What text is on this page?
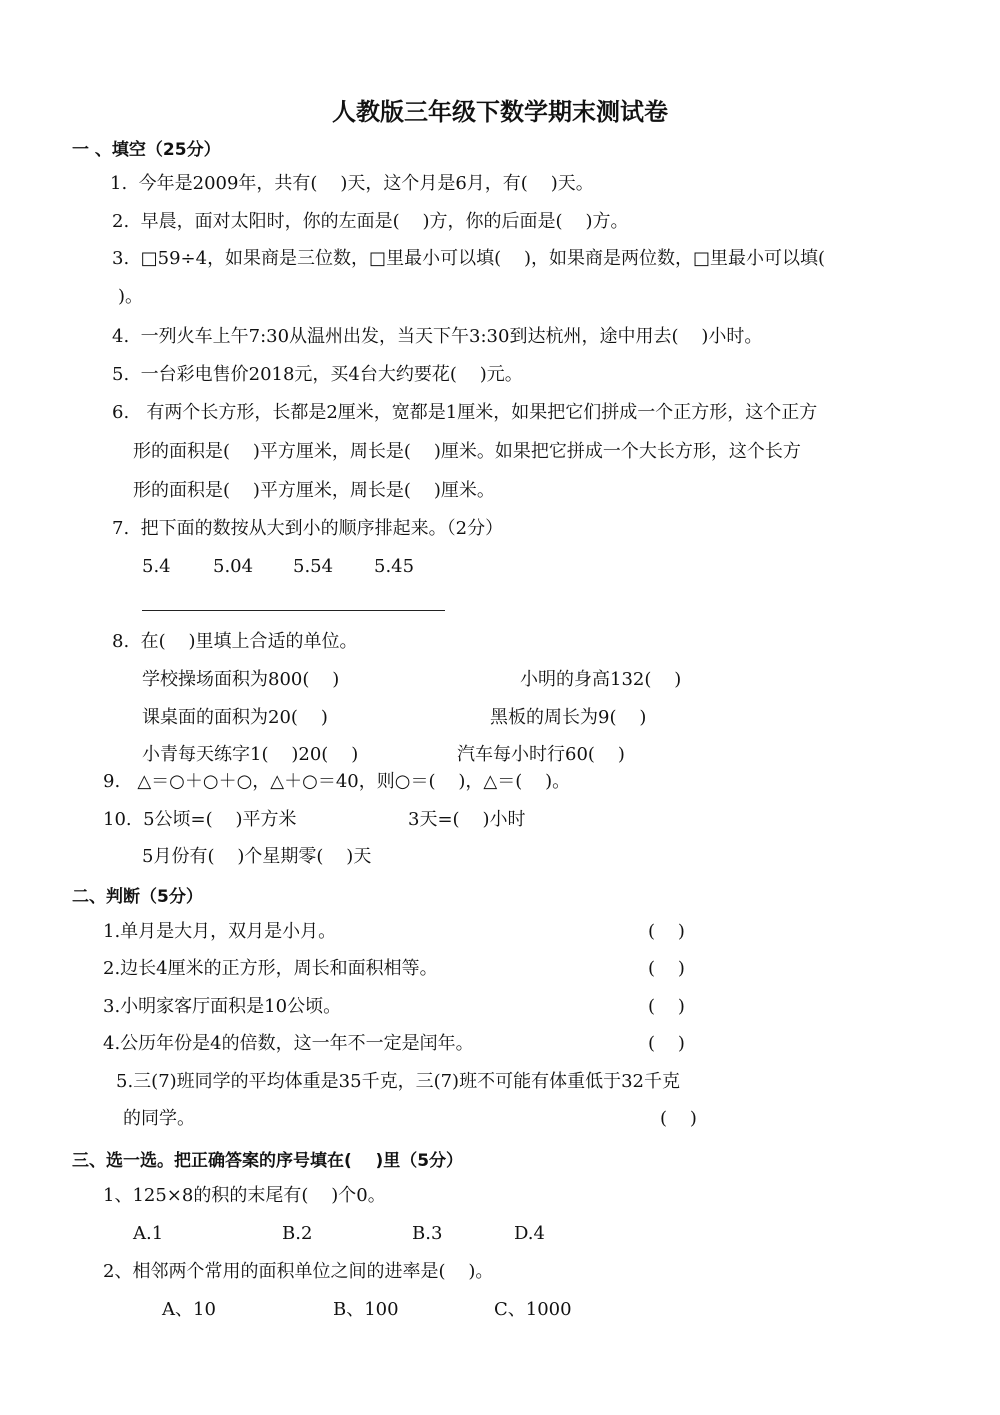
人教版三年级下数学期末测试卷
一 、填空（25分）
1.  今年是2009年，共有(    )天，这个月是6月，有(    )天。
2.  早晨，面对太阳时，你的左面是(    )方，你的后面是(    )方。
3.  □59÷4，如果商是三位数，□里最小可以填(    )，如果商是两位数，□里最小可以填(
)。
4.  一列火车上午7:30从温州出发，当天下午3:30到达杭州，途中用去(    )小时。
5.  一台彩电售价2018元，买4台大约要花(    )元。
6.   有两个长方形，长都是2厘米，宽都是1厘米，如果把它们拼成一个正方形，这个正方
形的面积是(    )平方厘米，周长是(    )厘米。如果把它拼成一个大长方形，这个长方
形的面积是(    )平方厘米，周长是(    )厘米。
7.  把下面的数按从大到小的顺序排起来。（2分）
5.4 5.04 5.54 5.45
8.  在(    )里填上合适的单位。
学校操场面积为800(    )	小明的身高132(    )
课桌面的面积为20(    )	黑板的周长为9(    )
小青每天练字1(    )20(    )	汽车每小时行60(    )
9.   △＝○＋○＋○，△＋○＝40，则○＝(    )，△＝(    )。
10.  5公顷=(    )平方米	3天=(    )小时
5月份有(    )个星期零(    )天
二、判断（5分）
1.单月是大月，双月是小月。	(    )
2.边长4厘米的正方形，周长和面积相等。	(    )
3.小明家客厅面积是10公顷。	(    )
4.公历年份是4的倍数，这一年不一定是闰年。	(    )
5.三(7)班同学的平均体重是35千克，三(7)班不可能有体重低于32千克
的同学。	(    )
三、选一选。把正确答案的序号填在(    )里（5分）
1、125×8的积的末尾有(    )个0。
A.1	B.2	B.3	D.4
2、相邻两个常用的面积单位之间的进率是(    )。
A、10	B、100	C、1000
